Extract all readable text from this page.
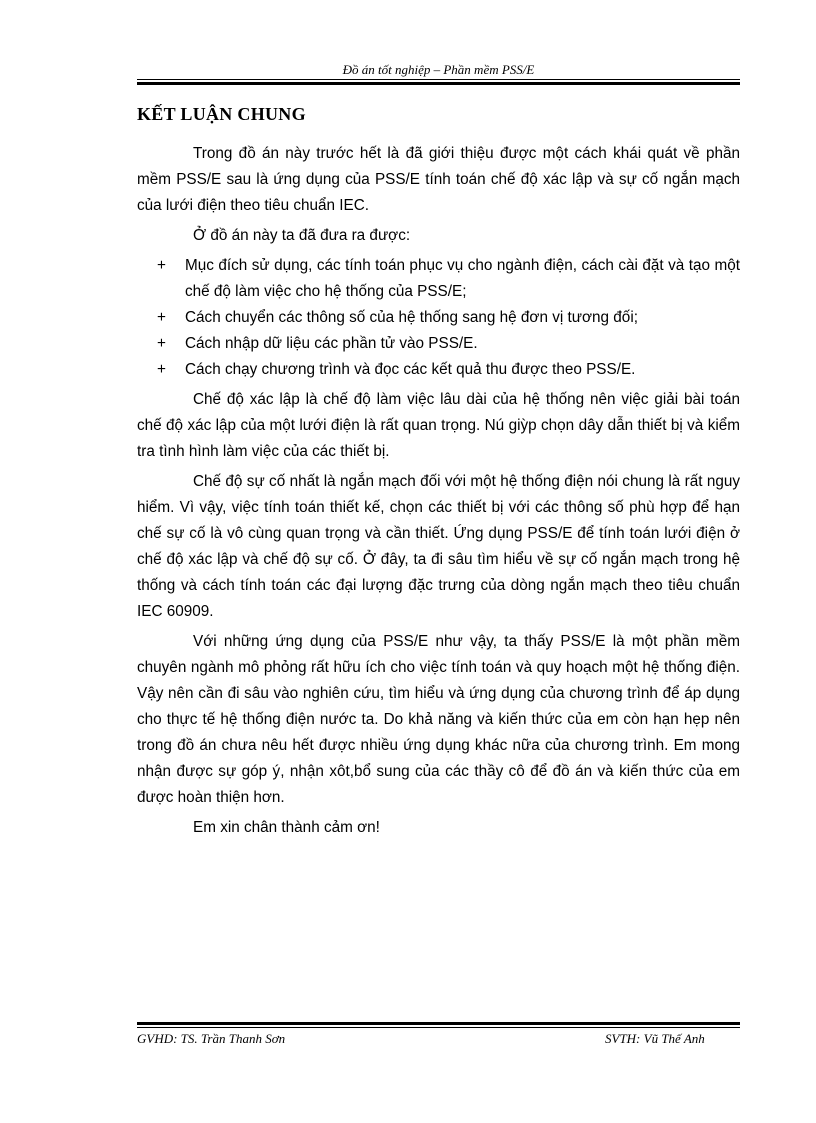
Đồ án tốt nghiệp – Phần mềm PSS/E
KẾT LUẬN CHUNG

Trong đồ án này trước hết là đã giới thiệu được một cách khái quát về phần mềm PSS/E sau là ứng dụng của PSS/E tính toán chế độ xác lập và sự cố ngắn mạch của lưới điện theo tiêu chuẩn IEC.

Ở đồ án này ta đã đưa ra được:

+ Mục đích sử dụng, các tính toán phục vụ cho ngành điện, cách cài đặt và tạo một chế độ làm việc cho hệ thống của PSS/E;
+ Cách chuyển các thông số của hệ thống sang hệ đơn vị tương đối;
+ Cách nhập dữ liệu các phần tử vào PSS/E.
+ Cách chạy chương trình và đọc các kết quả thu được theo PSS/E.

Chế độ xác lập là chế độ làm việc lâu dài của hệ thống nên việc giải bài toán chế độ xác lập của một lưới điện là rất quan trọng. Nú giỳp chọn dây dẫn thiết bị và kiểm tra tình hình làm việc của các thiết bị.

Chế độ sự cố nhất là ngắn mạch đối với một hệ thống điện nói chung là rất nguy hiểm. Vì vậy, việc tính toán thiết kế, chọn các thiết bị với các thông số phù hợp để hạn chế sự cố là vô cùng quan trọng và cần thiết. Ứng dụng PSS/E để tính toán lưới điện ở chế độ xác lập và chế độ sự cố. Ở đây, ta đi sâu tìm hiểu về sự cố ngắn mạch trong hệ thống và cách tính toán các đại lượng đặc trưng của dòng ngắn mạch theo tiêu chuẩn IEC 60909.

Với những ứng dụng của PSS/E như vậy, ta thấy PSS/E là một phần mềm chuyên ngành mô phỏng rất hữu ích cho việc tính toán và quy hoạch một hệ thống điện. Vậy nên cần đi sâu vào nghiên cứu, tìm hiểu và ứng dụng của chương trình để áp dụng cho thực tế hệ thống điện nước ta. Do khả năng và kiến thức của em còn hạn hẹp nên trong đồ án chưa nêu hết được nhiều ứng dụng khác nữa của chương trình. Em mong nhận được sự góp ý, nhận xôt,bổ sung của các thầy cô để đồ án và kiến thức của em được hoàn thiện hơn.

Em xin chân thành cảm ơn!

GVHD: TS. Trần Thanh Sơn	SVTH: Vũ Thế Anh
